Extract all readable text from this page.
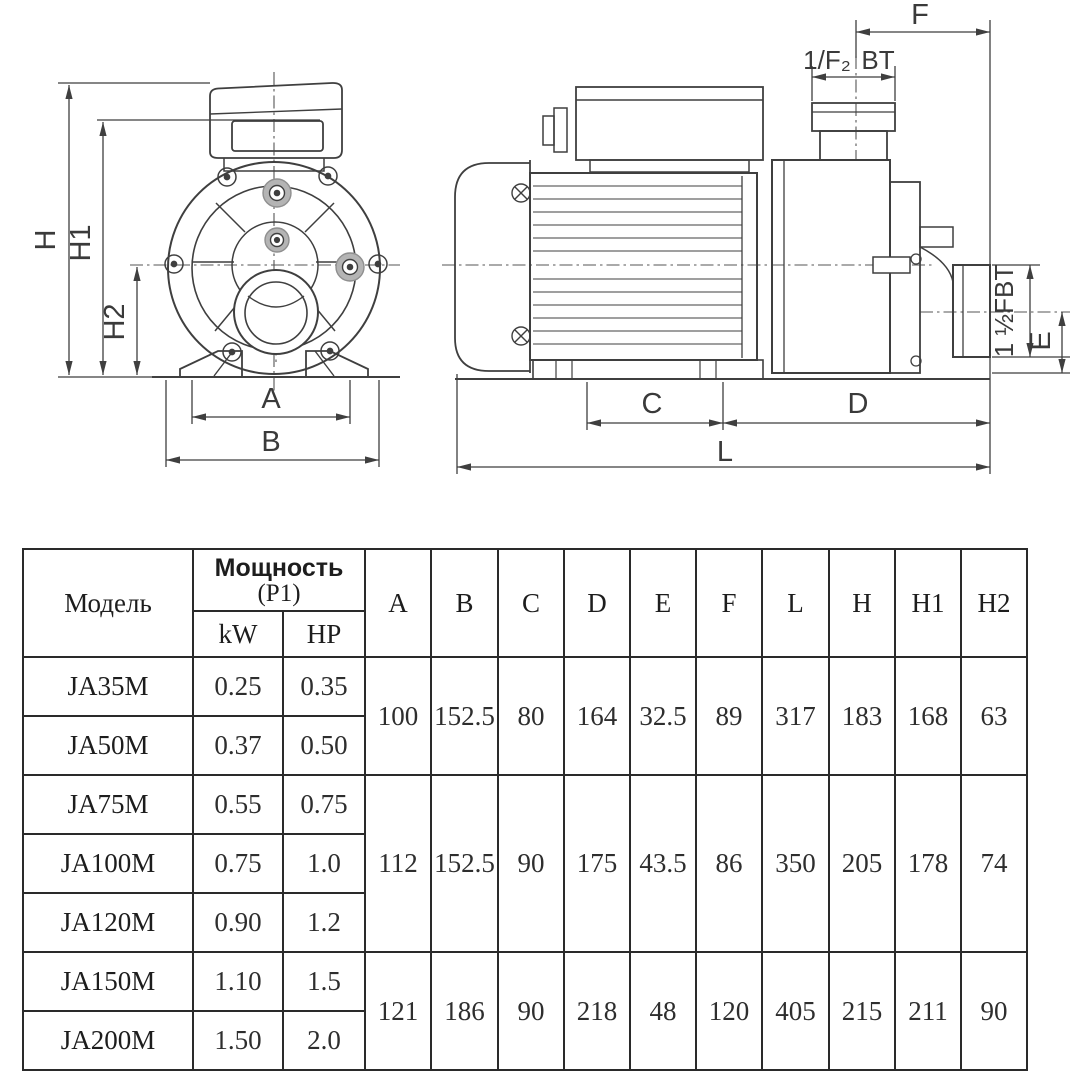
H H1
H2
A
B
F
1/F₂ BT
1 ½FBT E
C	D
L
Модель	Мощность
(P1)		A	B	C	D	E	F	L	H	H1	H2
	kW	HP										
JA35M	0.25	0.35	100	152.5	80	164	32.5	89	317	183	168	63
JA50M	0.37	0.50										
JA75M	0.55	0.75	112	152.5	90	175	43.5	86	350	205	178	74
JA100M	0.75	1.0										
JA120M	0.90	1.2										
JA150M	1.10	1.5	121	186	90	218	48	120	405	215	211	90
JA200M	1.50	2.0										
